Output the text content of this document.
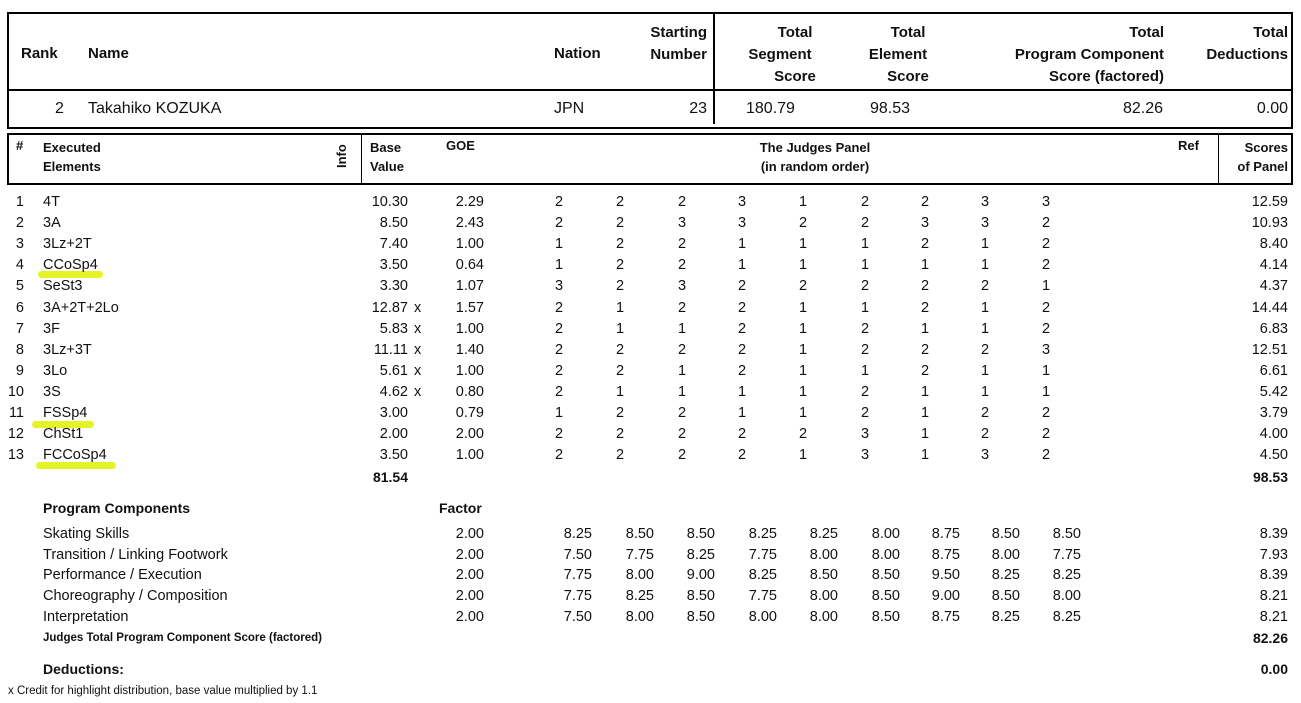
Rank Name	Nation
Starting
Number
Total
Segment
Score
Total
Element
Score
Total
Program Component
Score (factored)
Total
Deductions
2 Takahiko KOZUKA	JPN	23 180.79	98.53	82.26	0.00
# Executed
Elements	Info Base
Value
GOE	The Judges Panel
(in random order)
Ref	Scores
of Panel
1 4T	10.30	2.29	2	2	2	3	1	2	2	3	3	12.59
2 3A	8.50	2.43	2	2	3	3	2	2	3	3	2	10.93
3 3Lz+2T	7.40	1.00	1	2	2	1	1	1	2	1	2	8.40
4 CCoSp4	3.50	0.64	1	2	2	1	1	1	1	1	2	4.14
5 SeSt3	3.30	1.07	3	2	3	2	2	2	2	2	1	4.37
6 3A+2T+2Lo	12.87 x	1.57	2	1	2	2	1	1	2	1	2	14.44
7 3F	5.83 x	1.00	2	1	1	2	1	2	1	1	2	6.83
8 3Lz+3T	11.11 x	1.40	2	2	2	2	1	2	2	2	3	12.51
9 3Lo	5.61 x	1.00	2	2	1	2	1	1	2	1	1	6.61
10 3S	4.62 x	0.80	2	1	1	1	1	2	1	1	1	5.42
11 FSSp4	3.00	0.79	1	2	2	1	1	2	1	2	2	3.79
12 ChSt1	2.00	2.00	2	2	2	2	2	3	1	2	2	4.00
13 FCCoSp4	3.50	1.00	2	2	2	2	1	3	1	3	2	4.50
81.54	98.53
Program Components	Factor
Skating Skills	2.00	8.25	8.50	8.50	8.25	8.25	8.00	8.75	8.50	8.50	8.39
Transition / Linking Footwork	2.00	7.50	7.75	8.25	7.75	8.00	8.00	8.75	8.00	7.75	7.93
Performance / Execution	2.00	7.75	8.00	9.00	8.25	8.50	8.50	9.50	8.25	8.25	8.39
Choreography / Composition	2.00	7.75	8.25	8.50	7.75	8.00	8.50	9.00	8.50	8.00	8.21
Interpretation	2.00	7.50	8.00	8.50	8.00	8.00	8.50	8.75	8.25	8.25	8.21
Judges Total Program Component Score (factored)	82.26
Deductions:	0.00
x Credit for highlight distribution, base value multiplied by 1.1
